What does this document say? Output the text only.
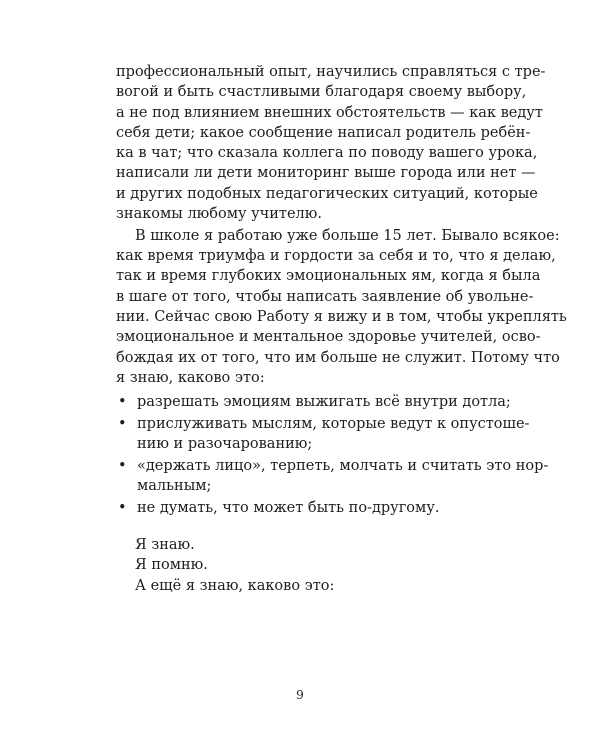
профессиональный опыт, научились справляться с тре-
вогой и быть счастливыми благодаря своему выбору,
а не под влиянием внешних обстоятельств — как ведут
себя дети; какое сообщение написал родитель ребён-
ка в чат; что сказала коллега по поводу вашего урока,
написали ли дети мониторинг выше города или нет —
и других подобных педагогических ситуаций, которые
знакомы любому учителю.
В школе я работаю уже больше 15 лет. Бывало всякое:
как время триумфа и гордости за себя и то, что я делаю,
так и время глубоких эмоциональных ям, когда я была
в шаге от того, чтобы написать заявление об увольне-
нии. Сейчас свою Работу я вижу и в том, чтобы укреплять
эмоциональное и ментальное здоровье учителей, осво-
бождая их от того, что им больше не служит. Потому что
я знаю, каково это:
• разрешать эмоциям выжигать всё внутри дотла;
• прислуживать мыслям, которые ведут к опустоше-
нию и разочарованию;
• «держать лицо», терпеть, молчать и считать это нор-
мальным;
• не думать, что может быть по-другому.
Я знаю.
Я помню.
А ещё я знаю, каково это:
9
